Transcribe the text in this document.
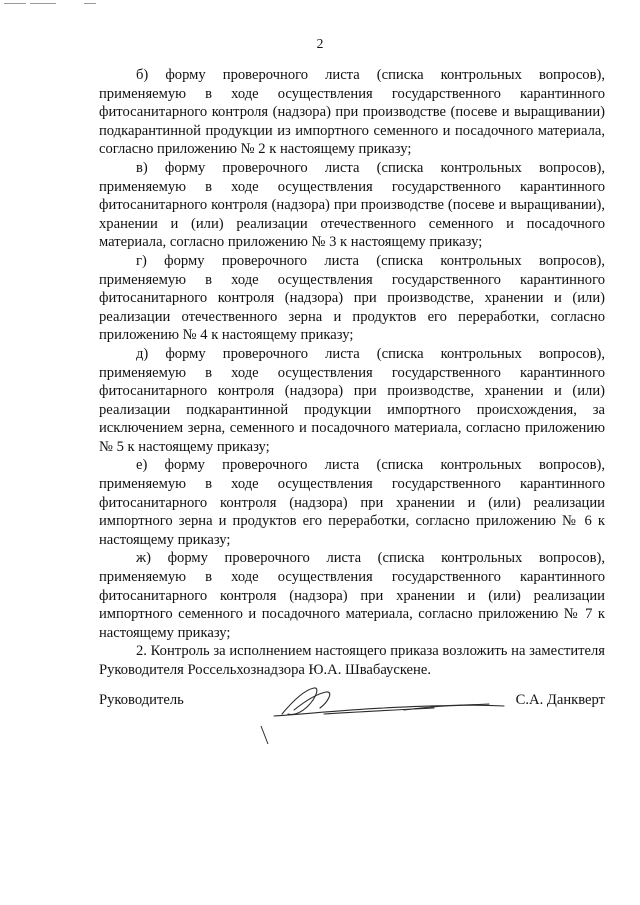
2

б) форму проверочного листа (списка контрольных вопросов), применяемую в ходе осуществления государственного карантинного фитосанитарного контроля (надзора) при производстве (посеве и выращивании) подкарантинной продукции из импортного семенного и посадочного материала, согласно приложению № 2 к настоящему приказу;

в) форму проверочного листа (списка контрольных вопросов), применяемую в ходе осуществления государственного карантинного фитосанитарного контроля (надзора) при производстве (посеве и выращивании), хранении и (или) реализации отечественного семенного и посадочного материала, согласно приложению № 3 к настоящему приказу;

г) форму проверочного листа (списка контрольных вопросов), применяемую в ходе осуществления государственного карантинного фитосанитарного контроля (надзора) при производстве, хранении и (или) реализации отечественного зерна и продуктов его переработки, согласно приложению № 4 к настоящему приказу;

д) форму проверочного листа (списка контрольных вопросов), применяемую в ходе осуществления государственного карантинного фитосанитарного контроля (надзора) при производстве, хранении и (или) реализации подкарантинной продукции импортного происхождения, за исключением зерна, семенного и посадочного материала, согласно приложению № 5 к настоящему приказу;

е) форму проверочного листа (списка контрольных вопросов), применяемую в ходе осуществления государственного карантинного фитосанитарного контроля (надзора) при хранении и (или) реализации импортного зерна и продуктов его переработки, согласно приложению № 6 к настоящему приказу;

ж) форму проверочного листа (списка контрольных вопросов), применяемую в ходе осуществления государственного карантинного фитосанитарного контроля (надзора) при хранении и (или) реализации импортного семенного и посадочного материала, согласно приложению № 7 к настоящему приказу;

2. Контроль за исполнением настоящего приказа возложить на заместителя Руководителя Россельхознадзора Ю.А. Швабаускене.

Руководитель	С.А. Данкверт
